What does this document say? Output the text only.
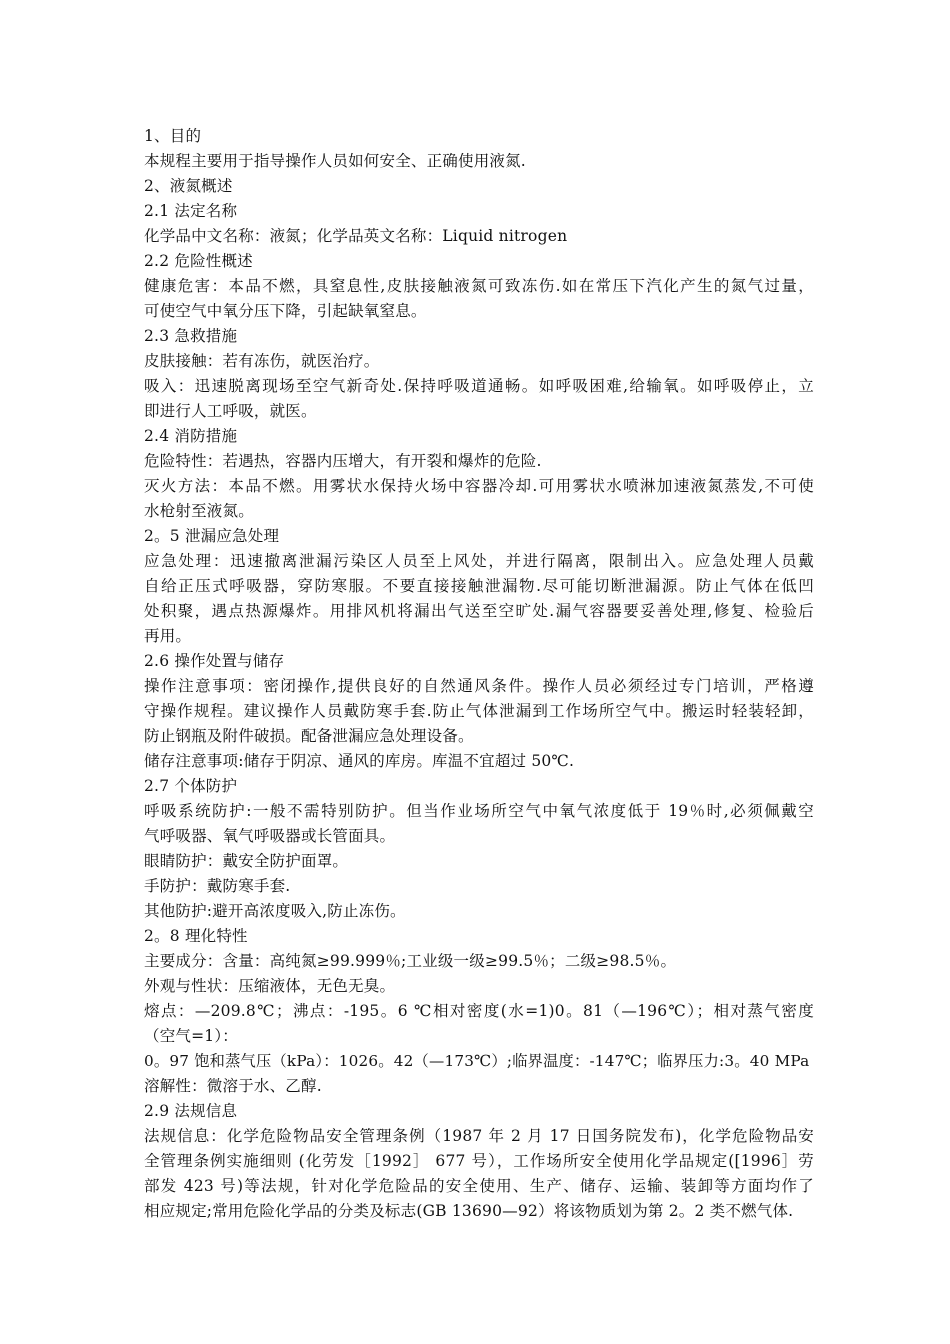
1、目的
本规程主要用于指导操作人员如何安全、正确使用液氮.
2、液氮概述
2.1 法定名称
化学品中文名称：液氮；化学品英文名称：Liquid nitrogen
2.2 危险性概述
健康危害：本品不燃，具窒息性,皮肤接触液氮可致冻伤.如在常压下汽化产生的氮气过量，
可使空气中氧分压下降，引起缺氧窒息。
2.3 急救措施
皮肤接触：若有冻伤，就医治疗。
吸入：迅速脱离现场至空气新奇处.保持呼吸道通畅。如呼吸困难,给输氧。如呼吸停止，立
即进行人工呼吸，就医。
2.4 消防措施
危险特性：若遇热，容器内压增大，有开裂和爆炸的危险.
灭火方法：本品不燃。用雾状水保持火场中容器冷却.可用雾状水喷淋加速液氮蒸发,不可使
水枪射至液氮。
2。5 泄漏应急处理
应急处理：迅速撤离泄漏污染区人员至上风处，并进行隔离，限制出入。应急处理人员戴
自给正压式呼吸器，穿防寒服。不要直接接触泄漏物.尽可能切断泄漏源。防止气体在低凹
处积聚，遇点热源爆炸。用排风机将漏出气送至空旷处.漏气容器要妥善处理,修复、检验后
再用。
2.6 操作处置与储存
操作注意事项：密闭操作,提供良好的自然通风条件。操作人员必须经过专门培训，严格遵
守操作规程。建议操作人员戴防寒手套.防止气体泄漏到工作场所空气中。搬运时轻装轻卸，
防止钢瓶及附件破损。配备泄漏应急处理设备。
储存注意事项:储存于阴凉、通风的库房。库温不宜超过 50℃.
2.7 个体防护
呼吸系统防护:一般不需特别防护。但当作业场所空气中氧气浓度低于 19％时,必须佩戴空
气呼吸器、氧气呼吸器或长管面具。
眼睛防护：戴安全防护面罩。
手防护：戴防寒手套.
其他防护:避开高浓度吸入,防止冻伤。
2。8 理化特性
主要成分：含量：高纯氮≥99.999％;工业级一级≥99.5％；二级≥98.5％。
外观与性状：压缩液体，无色无臭。
熔点：—209.8℃；沸点：-195。6 ℃相对密度(水=1)0。81（—196℃）；相对蒸气密度
（空气=1）：
0。97 饱和蒸气压（kPa）：1026。42（—173℃）;临界温度：-147℃；临界压力:3。40 MPa
溶解性：微溶于水、乙醇.
2.9 法规信息
法规信息：化学危险物品安全管理条例（1987 年 2 月 17 日国务院发布)，化学危险物品安
全管理条例实施细则 (化劳发［1992］ 677 号），工作场所安全使用化学品规定([1996］劳
部发 423 号)等法规，针对化学危险品的安全使用、生产、储存、运输、装卸等方面均作了
相应规定;常用危险化学品的分类及标志(GB 13690—92）将该物质划为第 2。2 类不燃气体.
